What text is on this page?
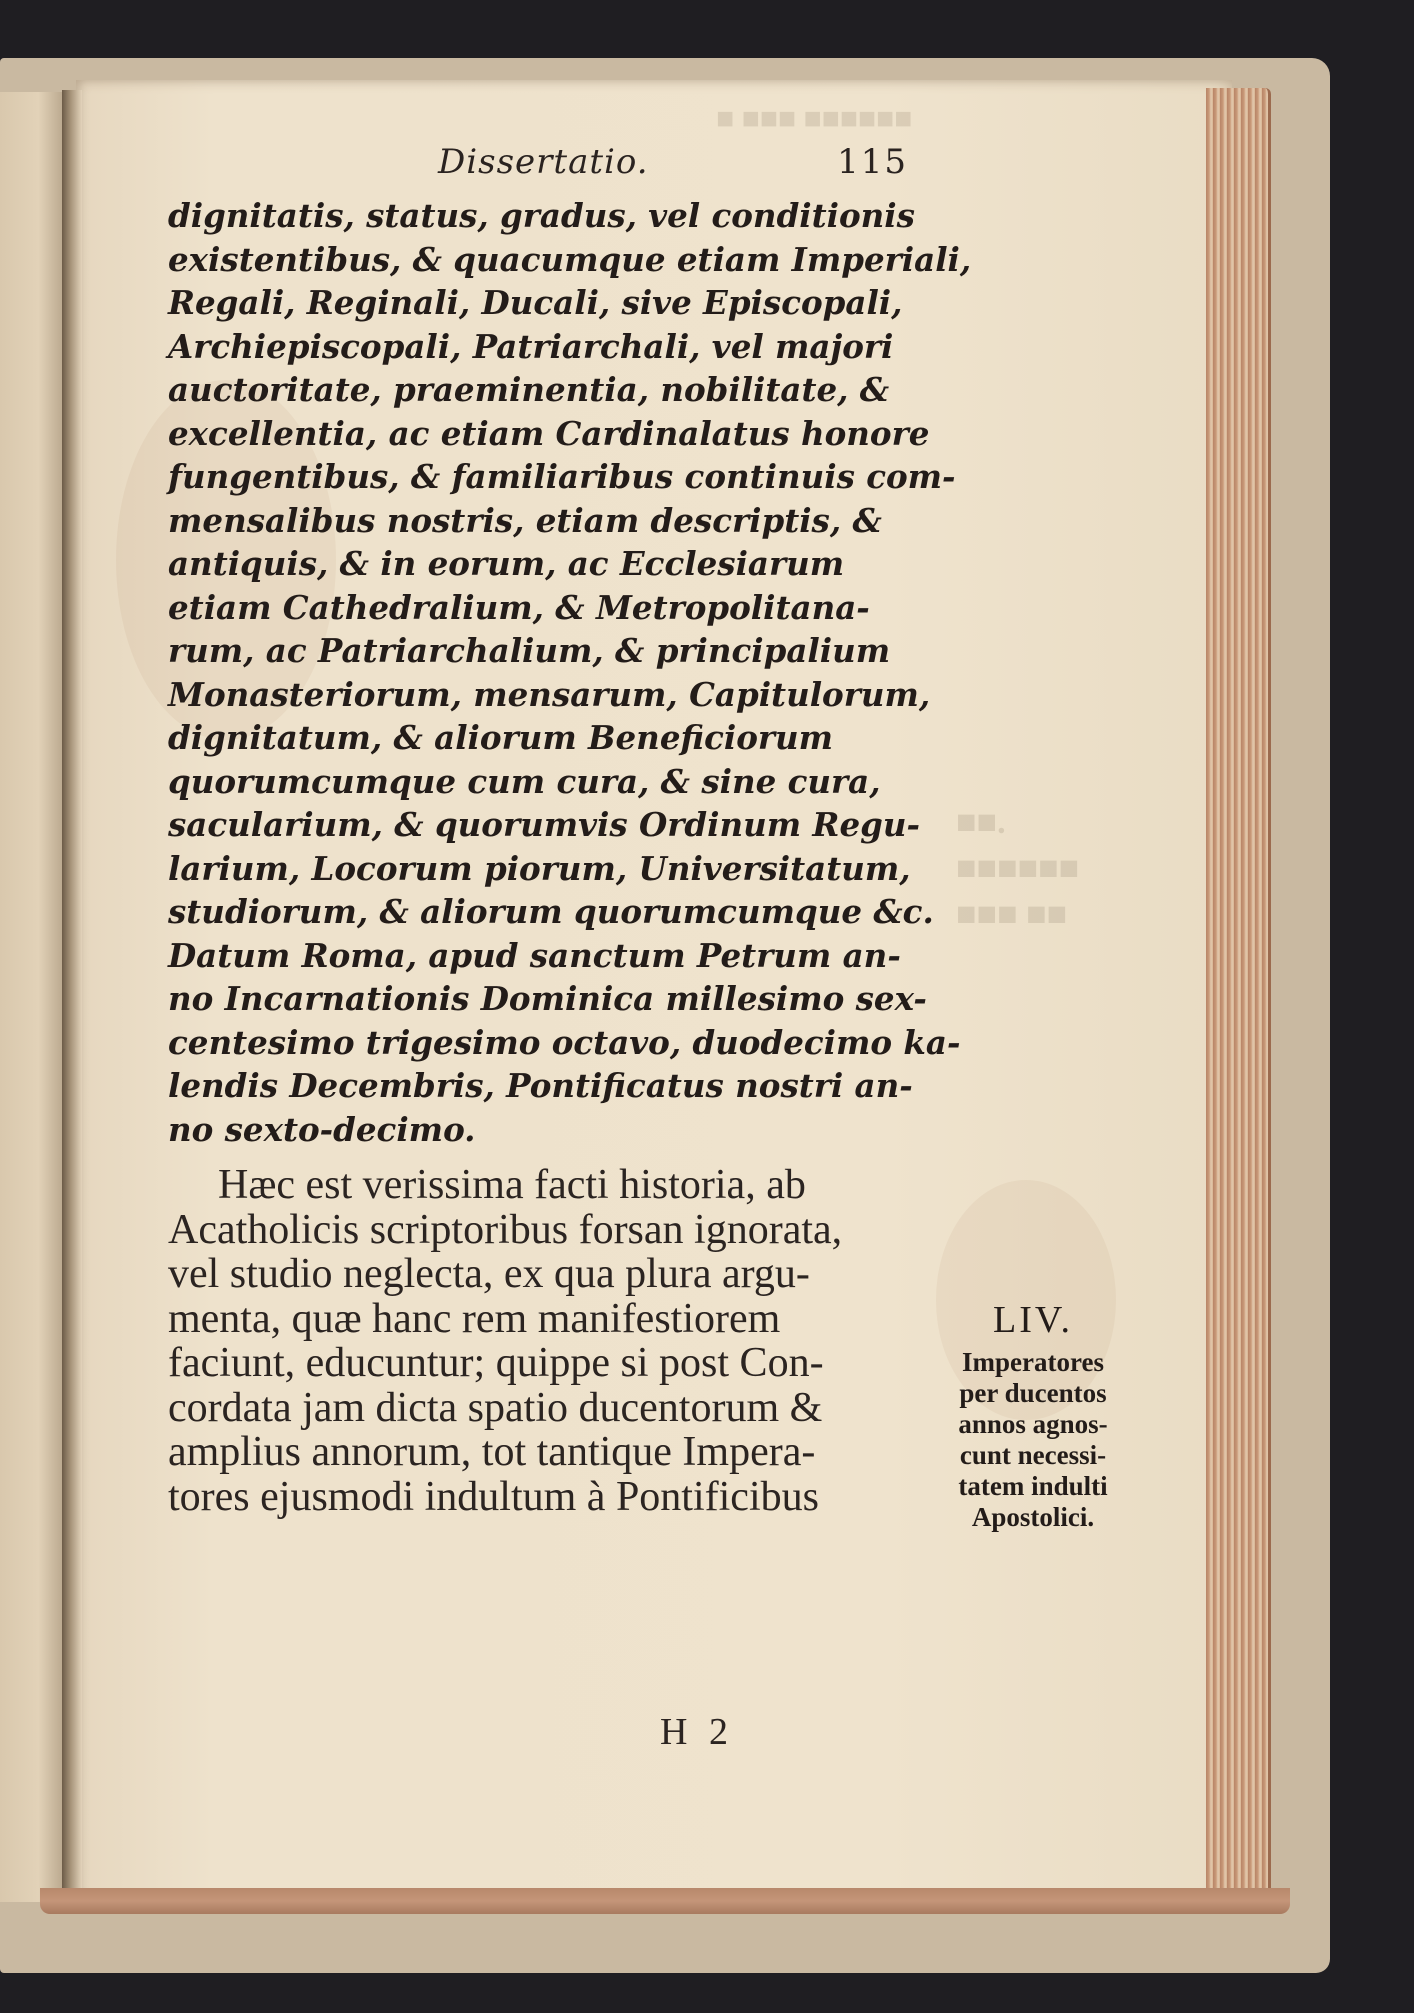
■ ■■■ ■■■■■■
■■.
■■■■■■
■■■ ■■
Dissertatio.	115
dignitatis, status, gradus, vel conditionis
existentibus, & quacumque etiam Imperiali,
Regali, Reginali, Ducali, sive Episcopali,
Archiepiscopali, Patriarchali, vel majori
auctoritate, praeminentia, nobilitate, &
excellentia, ac etiam Cardinalatus honore
fungentibus, & familiaribus continuis com-
mensalibus nostris, etiam descriptis, &
antiquis, & in eorum, ac Ecclesiarum
etiam Cathedralium, & Metropolitana-
rum, ac Patriarchalium, & principalium
Monasteriorum, mensarum, Capitulorum,
dignitatum, & aliorum Beneficiorum
quorumcumque cum cura, & sine cura,
sacularium, & quorumvis Ordinum Regu-
larium, Locorum piorum, Universitatum,
studiorum, & aliorum quorumcumque &c.
Datum Roma, apud sanctum Petrum an-
no Incarnationis Dominica millesimo sex-
centesimo trigesimo octavo, duodecimo ka-
lendis Decembris, Pontificatus nostri an-
no sexto-decimo.
Hæc est verissima facti historia, ab
Acatholicis scriptoribus forsan ignorata,
vel studio neglecta, ex qua plura argu-
menta, quæ hanc rem manifestiorem
faciunt, educuntur; quippe si post Con-
cordata jam dicta spatio ducentorum &
amplius annorum, tot tantique Impera-
tores ejusmodi indultum à Pontificibus
H 2
LIV.
Imperatores
per ducentos
annos agnos-
cunt necessi-
tatem indulti
Apostolici.
